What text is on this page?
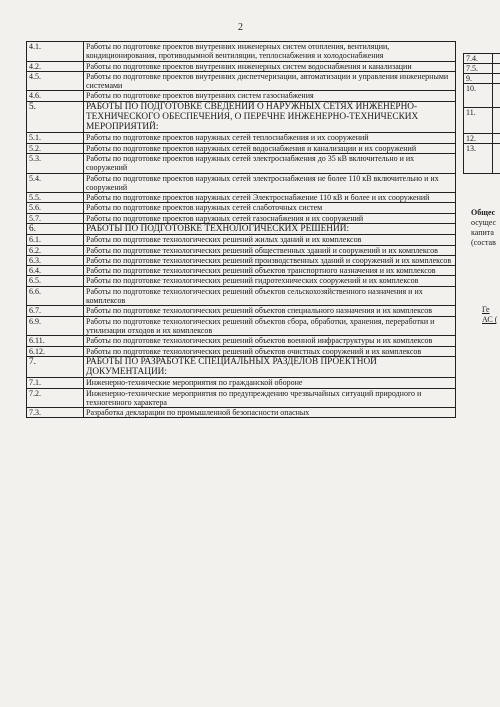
2
4.1.	Работы по подготовке проектов внутренних инженерных систем отопления, вентиляции, кондиционирования, противодымной вентиляции, теплоснабжения и холодоснабжения
4.2.	Работы по подготовке проектов внутренних инженерных систем водоснабжения и канализации
4.5.	Работы по подготовке проектов внутренних диспетчеризации, автоматизации и управления инженерными системами
4.6.	Работы по подготовке проектов внутренних систем газоснабжения
5.	РАБОТЫ ПО ПОДГОТОВКЕ СВЕДЕНИЙ О НАРУЖНЫХ СЕТЯХ ИНЖЕНЕРНО-ТЕХНИЧЕСКОГО ОБЕСПЕЧЕНИЯ, О ПЕРЕЧНЕ ИНЖЕНЕРНО-ТЕХНИЧЕСКИХ МЕРОПРИЯТИЙ:
5.1.	Работы по подготовке проектов наружных сетей теплоснабжения и их сооружений
5.2.	Работы по подготовке проектов наружных сетей водоснабжения и канализации и их сооружений
5.3.	Работы по подготовке проектов наружных сетей электроснабжения до 35 кВ включительно и их сооружений
5.4.	Работы по подготовке проектов наружных сетей электроснабжения не более 110 кВ включительно и их сооружений
5.5.	Работы по подготовке проектов наружных сетей Электроснабжение 110 кВ и более и их сооружений
5.6.	Работы по подготовке проектов наружных сетей слаботочных систем
5.7.	Работы по подготовке проектов наружных сетей газоснабжения и их сооружений
6.	РАБОТЫ ПО ПОДГОТОВКЕ ТЕХНОЛОГИЧЕСКИХ РЕШЕНИЙ:
6.1.	Работы по подготовке технологических решений жилых зданий и их комплексов
6.2.	Работы по подготовке технологических решений общественных зданий и сооружений и их комплексов
6.3.	Работы по подготовке технологических решений производственных зданий и сооружений и их комплексов
6.4.	Работы по подготовке технологических решений объектов транспортного назначения и их комплексов
6.5.	Работы по подготовке технологических решений гидротехнических сооружений и их комплексов
6.6.	Работы по подготовке технологических решений объектов сельскохозяйственного назначения и их комплексов
6.7.	Работы по подготовке технологических решений объектов специального назначения и их комплексов
6.9.	Работы по подготовке технологических решений объектов сбора, обработки, хранения, переработки и утилизации отходов и их комплексов
6.11.	Работы по подготовке технологических решений объектов военной инфраструктуры и их комплексов
6.12.	Работы по подготовке технологических решений объектов очистных сооружений и их комплексов
7.	РАБОТЫ ПО РАЗРАБОТКЕ СПЕЦИАЛЬНЫХ РАЗДЕЛОВ ПРОЕКТНОЙ ДОКУМЕНТАЦИИ:
7.1.	Инженерно-технические мероприятия по гражданской обороне
7.2.	Инженерно-технические мероприятия по предупреждению чрезвычайных ситуаций природного и техногенного характера
7.3.	Разработка декларации по промышленной безопасности опасных
7.4.	
7.5.	
9.	
10.	
11.	
12.	
13.	
Общес
осущес
капита
(состав
Ге
АС (
